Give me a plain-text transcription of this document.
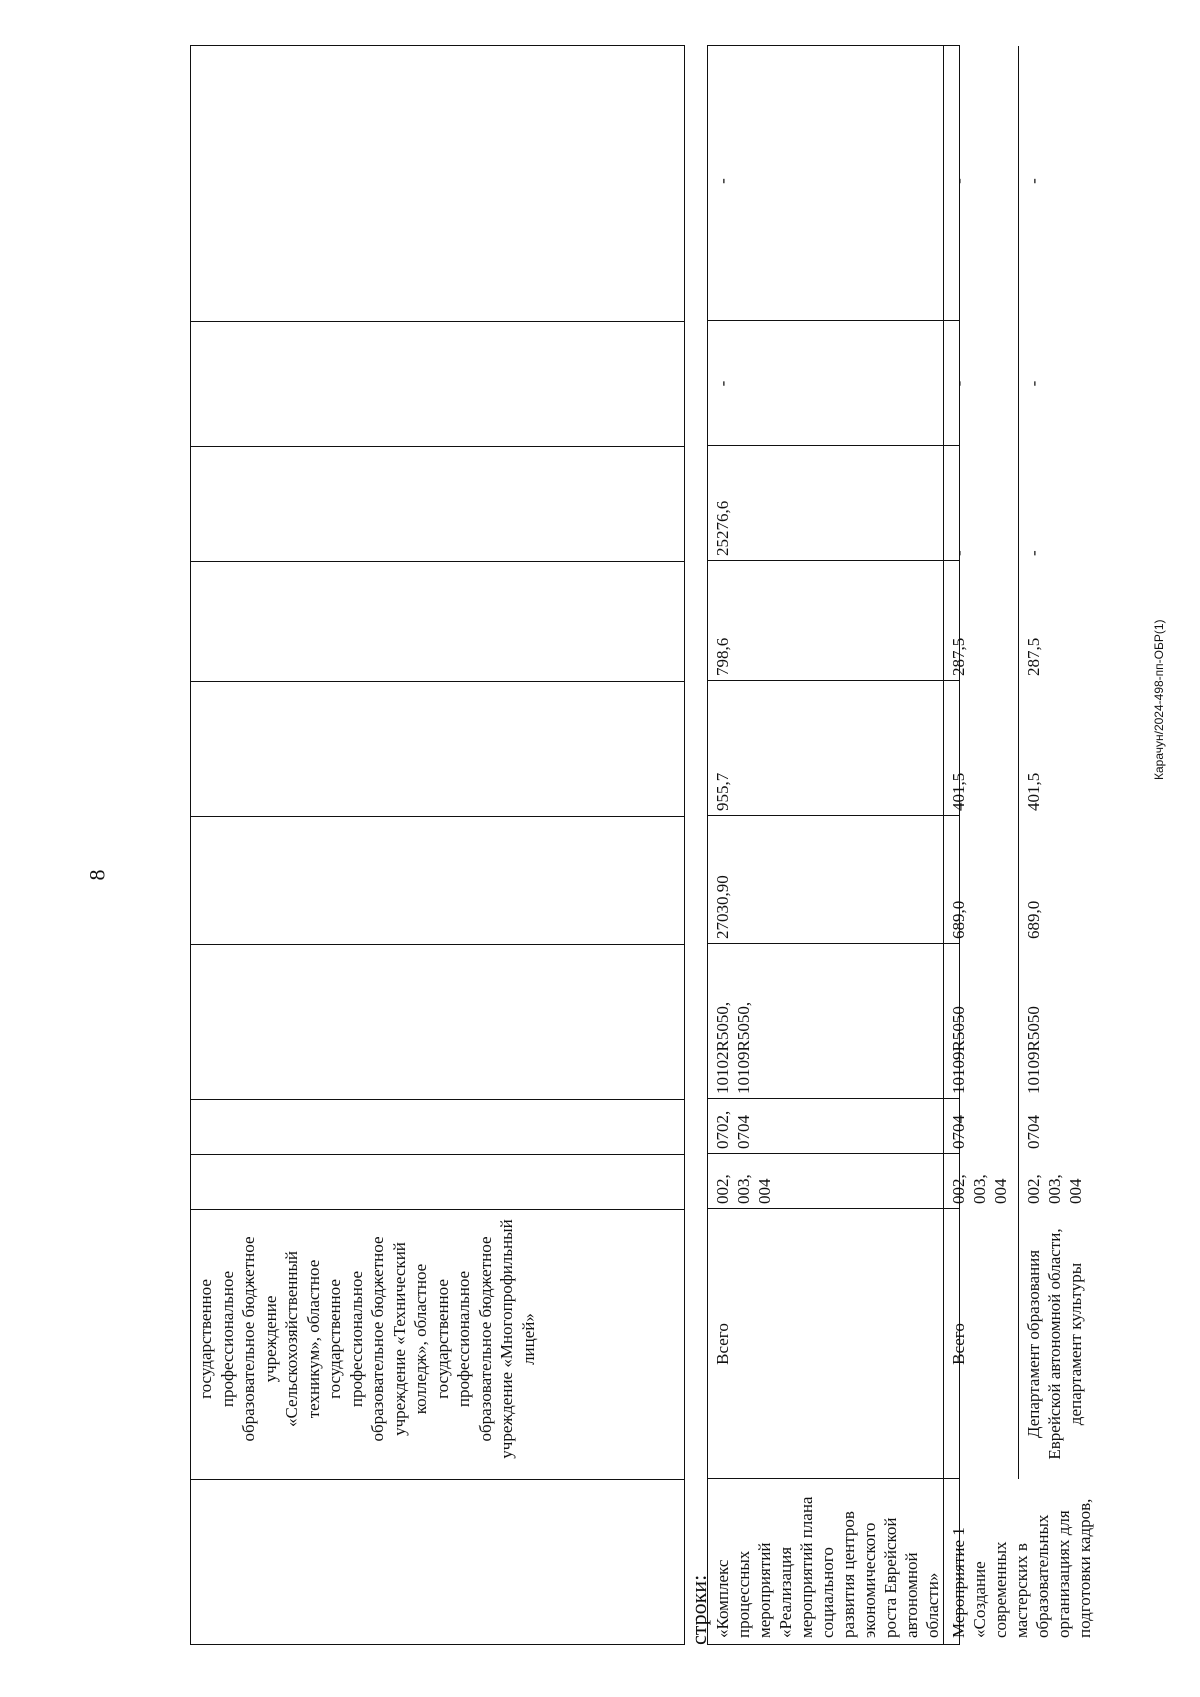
8
Карачун/2024-498-пп-ОБР(1)
государственное профессиональное образовательное бюджетное учреждение «Сельскохозяйственный техникум», областное государственное профессиональное образовательное бюджетное учреждение «Технический колледж», областное государственное профессиональное образовательное бюджетное учреждение «Многопрофильный лицей»
строки: «Комплекс процессных мероприятий «Реализация мероприятий плана социального развития центров экономического роста Еврейской автономной области»
Всего
002, 003, 004
0702, 0704
10102R5050, 10109R5050,
27030,90
955,7
798,6
25276,6
-
-
Мероприятие 1 «Создание современных мастерских в образовательных организациях для подготовки кадров,
Всего
002, 003, 004
0704
10109R5050
689,0
401,5
287,5
-
-
-
Департамент образования Еврейской автономной области, департамент культуры
002, 003, 004
0704
10109R5050
689,0
401,5
287,5
-
-
-
